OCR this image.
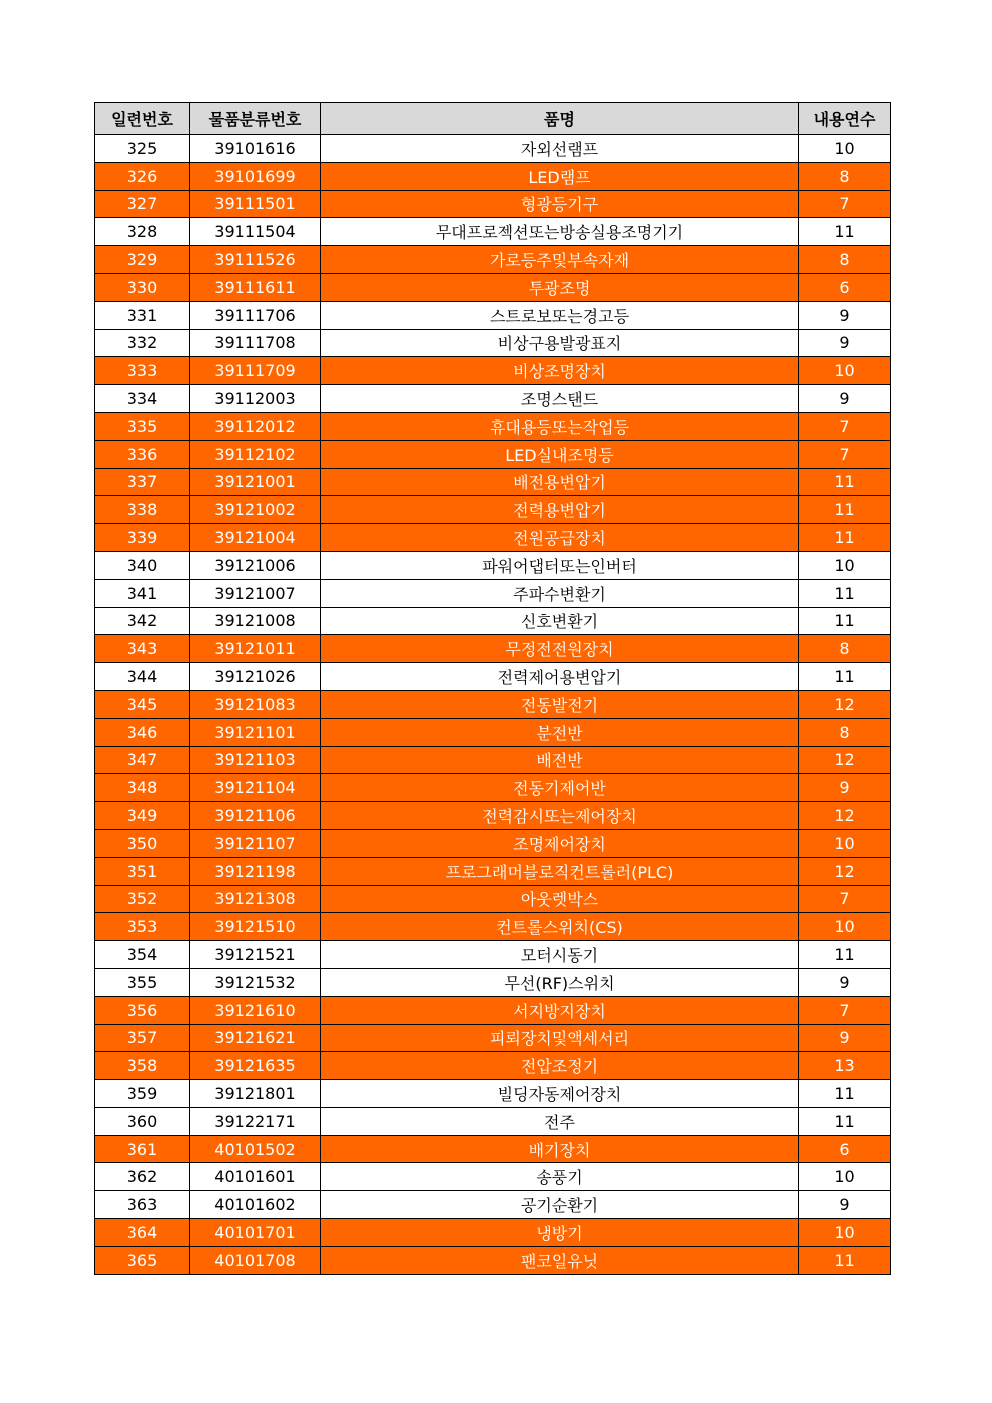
일련번호	물품분류번호	품명	내용연수
325	39101616	자외선램프	10
326	39101699	LED램프	8
327	39111501	형광등기구	7
328	39111504	무대프로젝션또는방송실용조명기기	11
329	39111526	가로등주및부속자재	8
330	39111611	투광조명	6
331	39111706	스트로보또는경고등	9
332	39111708	비상구용발광표지	9
333	39111709	비상조명장치	10
334	39112003	조명스탠드	9
335	39112012	휴대용등또는작업등	7
336	39112102	LED실내조명등	7
337	39121001	배전용변압기	11
338	39121002	전력용변압기	11
339	39121004	전원공급장치	11
340	39121006	파워어댑터또는인버터	10
341	39121007	주파수변환기	11
342	39121008	신호변환기	11
343	39121011	무정전전원장치	8
344	39121026	전력제어용변압기	11
345	39121083	전동발전기	12
346	39121101	분전반	8
347	39121103	배전반	12
348	39121104	전동기제어반	9
349	39121106	전력감시또는제어장치	12
350	39121107	조명제어장치	10
351	39121198	프로그래머블로직컨트롤러(PLC)	12
352	39121308	아웃렛박스	7
353	39121510	컨트롤스위치(CS)	10
354	39121521	모터시동기	11
355	39121532	무선(RF)스위치	9
356	39121610	서지방지장치	7
357	39121621	피뢰장치및액세서리	9
358	39121635	전압조정기	13
359	39121801	빌딩자동제어장치	11
360	39122171	전주	11
361	40101502	배기장치	6
362	40101601	송풍기	10
363	40101602	공기순환기	9
364	40101701	냉방기	10
365	40101708	팬코일유닛	11
